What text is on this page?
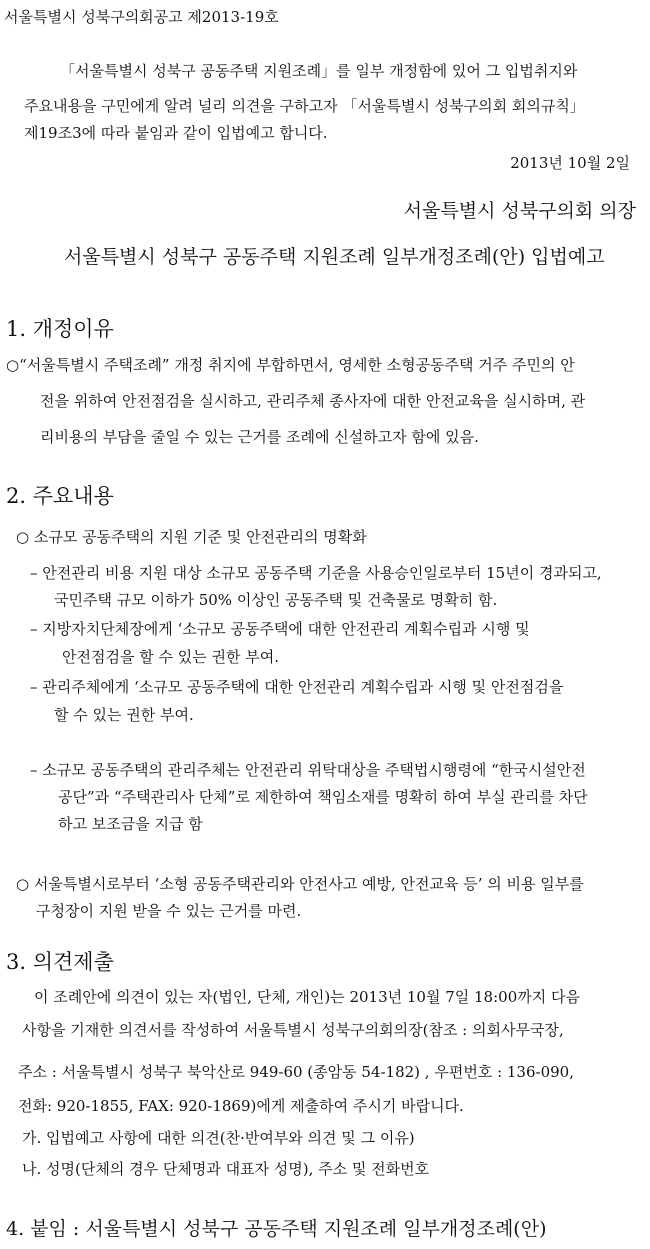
서울특별시 성북구의회공고 제2013-19호
「서울특별시 성북구 공동주택 지원조례」를 일부 개정함에 있어 그 입법취지와
주요내용을 구민에게 알려 널리 의견을 구하고자 「서울특별시 성북구의회 회의규칙」
제19조3에 따라 붙임과 같이 입법예고 합니다.
2013년 10월 2일
서울특별시 성북구의회 의장
서울특별시 성북구 공동주택 지원조례 일부개정조례(안) 입법예고
1. 개정이유
○“서울특별시 주택조례” 개정 취지에 부합하면서, 영세한 소형공동주택 거주 주민의 안
전을 위하여 안전점검을 실시하고, 관리주체 종사자에 대한 안전교육을 실시하며, 관
리비용의 부담을 줄일 수 있는 근거를 조례에 신설하고자 함에 있음.
2. 주요내용
○ 소규모 공동주택의 지원 기준 및 안전관리의 명확화
– 안전관리 비용 지원 대상 소규모 공동주택 기준을 사용승인일로부터 15년이 경과되고,
국민주택 규모 이하가 50% 이상인 공동주택 및 건축물로 명확히 함.
– 지방자치단체장에게 ‘소규모 공동주택에 대한 안전관리 계획수립과 시행 및
안전점검을 할 수 있는 권한 부여.
– 관리주체에게 ‘소규모 공동주택에 대한 안전관리 계획수립과 시행 및 안전점검을
할 수 있는 권한 부여.
– 소규모 공동주택의 관리주체는 안전관리 위탁대상을 주택법시행령에 “한국시설안전
공단”과 “주택관리사 단체”로 제한하여 책임소재를 명확히 하여 부실 관리를 차단
하고 보조금을 지급 함
○ 서울특별시로부터 ‘소형 공동주택관리와 안전사고 예방, 안전교육 등’ 의 비용 일부를
구청장이 지원 받을 수 있는 근거를 마련.
3. 의견제출
이 조례안에 의견이 있는 자(법인, 단체, 개인)는 2013년 10월 7일 18:00까지 다음
사항을 기재한 의견서를 작성하여 서울특별시 성북구의회의장(참조 : 의회사무국장,
주소 : 서울특별시 성북구 북악산로 949-60 (종암동 54-182) , 우편번호 : 136-090,
전화: 920-1855, FAX: 920-1869)에게 제출하여 주시기 바랍니다.
가. 입법예고 사항에 대한 의견(찬·반여부와 의견 및 그 이유)
나. 성명(단체의 경우 단체명과 대표자 성명), 주소 및 전화번호
4. 붙임 : 서울특별시 성북구 공동주택 지원조례 일부개정조례(안)
